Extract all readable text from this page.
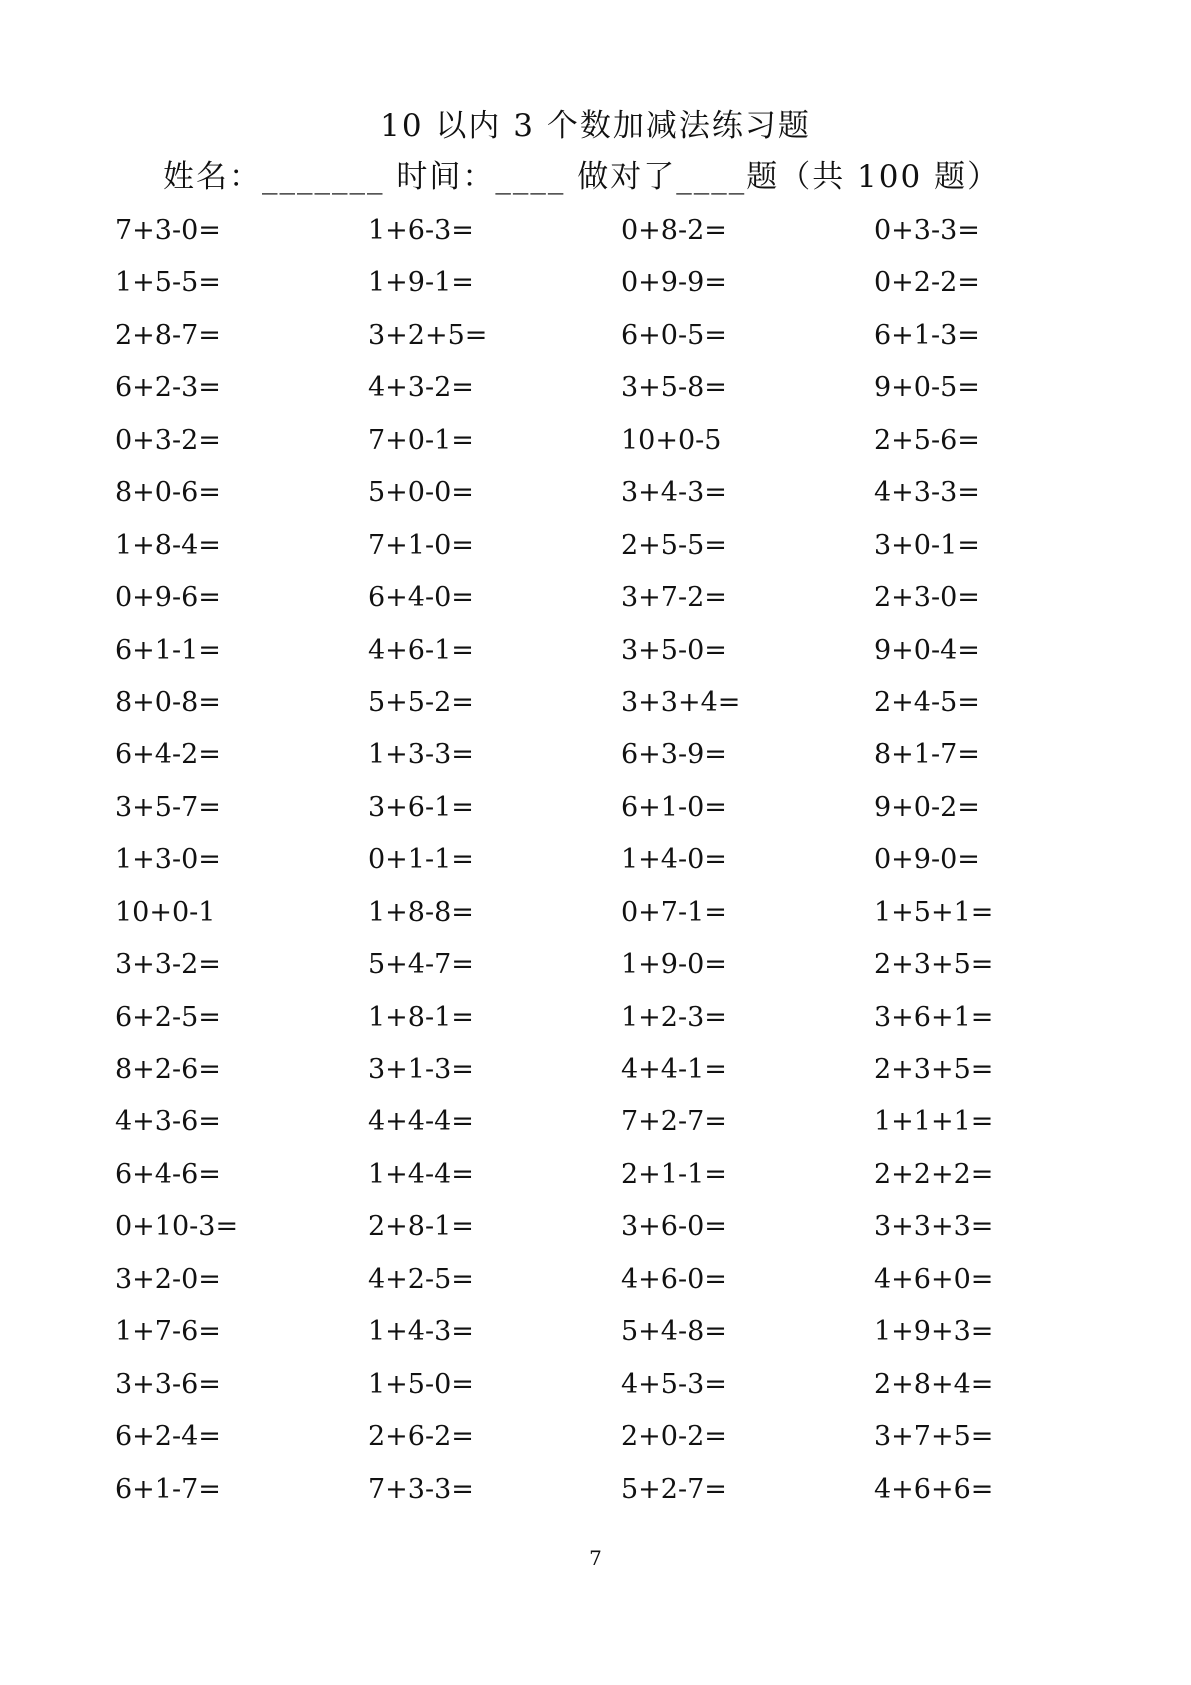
10 以内 3 个数加减法练习题
姓名：_______ 时间：____ 做对了____题（共 100 题）
7+3-0=	1+6-3=	0+8-2=	0+3-3=
1+5-5=	1+9-1=	0+9-9=	0+2-2=
2+8-7=	3+2+5=	6+0-5=	6+1-3=
6+2-3=	4+3-2=	3+5-8=	9+0-5=
0+3-2=	7+0-1=	10+0-5	2+5-6=
8+0-6=	5+0-0=	3+4-3=	4+3-3=
1+8-4=	7+1-0=	2+5-5=	3+0-1=
0+9-6=	6+4-0=	3+7-2=	2+3-0=
6+1-1=	4+6-1=	3+5-0=	9+0-4=
8+0-8=	5+5-2=	3+3+4=	2+4-5=
6+4-2=	1+3-3=	6+3-9=	8+1-7=
3+5-7=	3+6-1=	6+1-0=	9+0-2=
1+3-0=	0+1-1=	1+4-0=	0+9-0=
10+0-1	1+8-8=	0+7-1=	1+5+1=
3+3-2=	5+4-7=	1+9-0=	2+3+5=
6+2-5=	1+8-1=	1+2-3=	3+6+1=
8+2-6=	3+1-3=	4+4-1=	2+3+5=
4+3-6=	4+4-4=	7+2-7=	1+1+1=
6+4-6=	1+4-4=	2+1-1=	2+2+2=
0+10-3=	2+8-1=	3+6-0=	3+3+3=
3+2-0=	4+2-5=	4+6-0=	4+6+0=
1+7-6=	1+4-3=	5+4-8=	1+9+3=
3+3-6=	1+5-0=	4+5-3=	2+8+4=
6+2-4=	2+6-2=	2+0-2=	3+7+5=
6+1-7=	7+3-3=	5+2-7=	4+6+6=
7
